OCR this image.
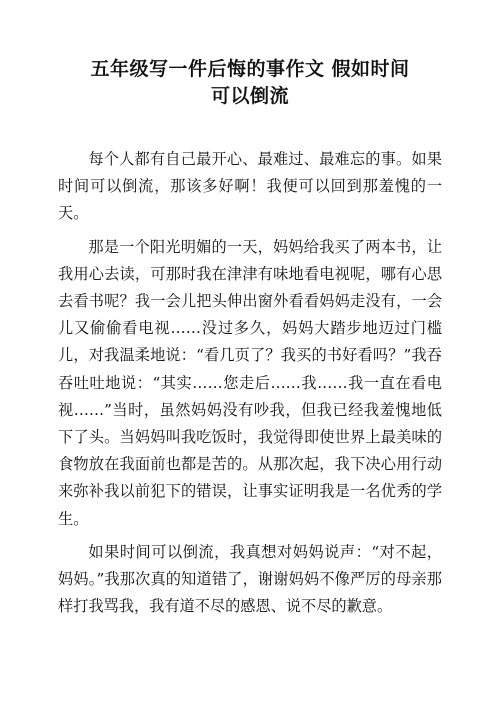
五年级写一件后悔的事作文 假如时间
可以倒流

每个人都有自己最开心、最难过、最难忘的事。如果时间可以倒流，那该多好啊！我便可以回到那羞愧的一天。

那是一个阳光明媚的一天，妈妈给我买了两本书，让我用心去读，可那时我在津津有味地看电视呢，哪有心思去看书呢？我一会儿把头伸出窗外看看妈妈走没有，一会儿又偷偷看电视……没过多久，妈妈大踏步地迈过门槛儿，对我温柔地说：“看几页了？我买的书好看吗？”我吞吞吐吐地说：“其实……您走后……我……我一直在看电视……”当时，虽然妈妈没有吵我，但我已经我羞愧地低下了头。当妈妈叫我吃饭时，我觉得即使世界上最美味的食物放在我面前也都是苦的。从那次起，我下决心用行动来弥补我以前犯下的错误，让事实证明我是一名优秀的学生。

如果时间可以倒流，我真想对妈妈说声：“对不起，妈妈。”我那次真的知道错了，谢谢妈妈不像严厉的母亲那样打我骂我，我有道不尽的感恩、说不尽的歉意。
